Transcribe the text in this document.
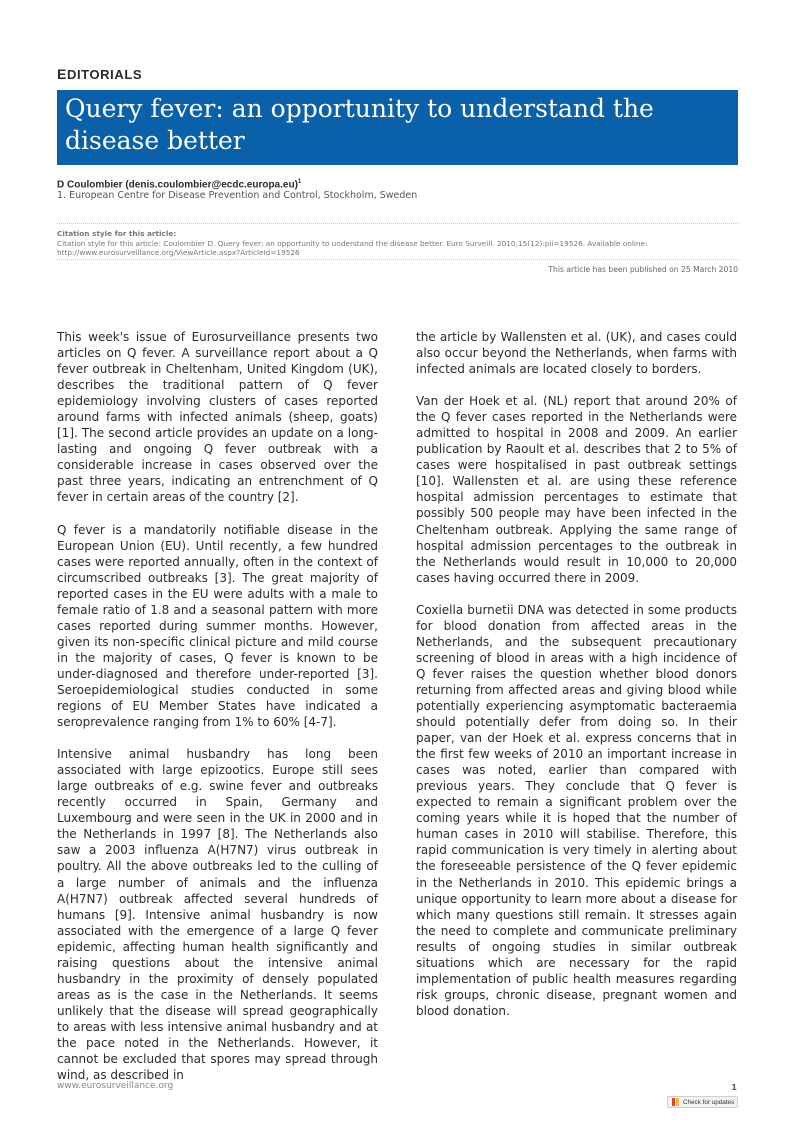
EDITORIALS
Query fever: an opportunity to understand the disease better
D Coulombier (denis.coulombier@ecdc.europa.eu)$^1$
1. European Centre for Disease Prevention and Control, Stockholm, Sweden
Citation style for this article:
Citation style for this article: Coulombier D. Query fever: an opportunity to understand the disease better. Euro Surveill. 2010;15(12):pii=19526. Available online: http://www.eurosurveillance.org/ViewArticle.aspx?ArticleId=19526
This article has been published on 25 March 2010

This week's issue of Eurosurveillance presents two articles on Q fever. A surveillance report about a Q fever outbreak in Cheltenham, United Kingdom (UK), describes the traditional pattern of Q fever epidemiology involving clusters of cases reported around farms with infected animals (sheep, goats) [1]. The second article provides an update on a long-lasting and ongoing Q fever outbreak with a considerable increase in cases observed over the past three years, indicating an entrenchment of Q fever in certain areas of the country [2].

Q fever is a mandatorily notifiable disease in the European Union (EU). Until recently, a few hundred cases were reported annually, often in the context of circumscribed outbreaks [3]. The great majority of reported cases in the EU were adults with a male to female ratio of 1.8 and a seasonal pattern with more cases reported during summer months. However, given its non-specific clinical picture and mild course in the majority of cases, Q fever is known to be under-diagnosed and therefore under-reported [3]. Seroepidemiological studies conducted in some regions of EU Member States have indicated a seroprevalence ranging from 1% to 60% [4-7].

Intensive animal husbandry has long been associated with large epizootics. Europe still sees large outbreaks of e.g. swine fever and outbreaks recently occurred in Spain, Germany and Luxembourg and were seen in the UK in 2000 and in the Netherlands in 1997 [8]. The Netherlands also saw a 2003 influenza A(H7N7) virus outbreak in poultry. All the above outbreaks led to the culling of a large number of animals and the influenza A(H7N7) outbreak affected several hundreds of humans [9]. Intensive animal husbandry is now associated with the emergence of a large Q fever epidemic, affecting human health significantly and raising questions about the intensive animal husbandry in the proximity of densely populated areas as is the case in the Netherlands. It seems unlikely that the disease will spread geographically to areas with less intensive animal husbandry and at the pace noted in the Netherlands. However, it cannot be excluded that spores may spread through wind, as described in

the article by Wallensten et al. (UK), and cases could also occur beyond the Netherlands, when farms with infected animals are located closely to borders.

Van der Hoek et al. (NL) report that around 20% of the Q fever cases reported in the Netherlands were admitted to hospital in 2008 and 2009. An earlier publication by Raoult et al. describes that 2 to 5% of cases were hospitalised in past outbreak settings [10]. Wallensten et al. are using these reference hospital admission percentages to estimate that possibly 500 people may have been infected in the Cheltenham outbreak. Applying the same range of hospital admission percentages to the outbreak in the Netherlands would result in 10,000 to 20,000 cases having occurred there in 2009.

Coxiella burnetii DNA was detected in some products for blood donation from affected areas in the Netherlands, and the subsequent precautionary screening of blood in areas with a high incidence of Q fever raises the question whether blood donors returning from affected areas and giving blood while potentially experiencing asymptomatic bacteraemia should potentially defer from doing so. In their paper, van der Hoek et al. express concerns that in the first few weeks of 2010 an important increase in cases was noted, earlier than compared with previous years. They conclude that Q fever is expected to remain a significant problem over the coming years while it is hoped that the number of human cases in 2010 will stabilise. Therefore, this rapid communication is very timely in alerting about the foreseeable persistence of the Q fever epidemic in the Netherlands in 2010. This epidemic brings a unique opportunity to learn more about a disease for which many questions still remain. It stresses again the need to complete and communicate preliminary results of ongoing studies in similar outbreak situations which are necessary for the rapid implementation of public health measures regarding risk groups, chronic disease, pregnant women and blood donation.

www.eurosurveillance.org	1
Check for updates
